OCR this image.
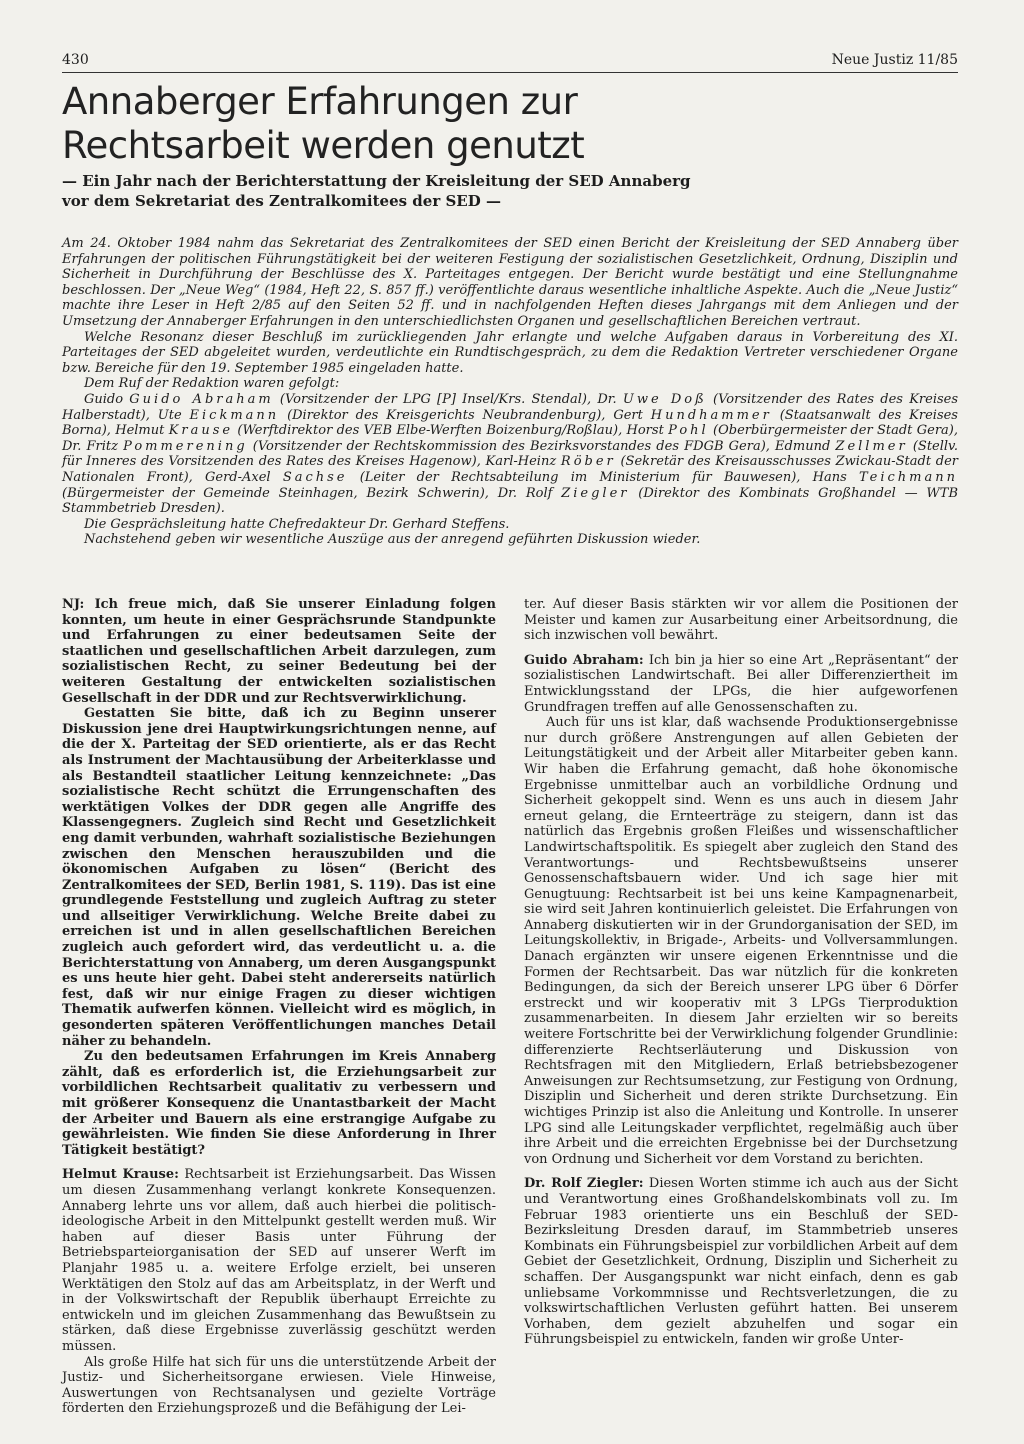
430	Neue Justiz 11/85
Annaberger Erfahrungen zur Rechtsarbeit werden genutzt
— Ein Jahr nach der Berichterstattung der Kreisleitung der SED Annaberg vor dem Sekretariat des Zentralkomitees der SED —

Am 24. Oktober 1984 nahm das Sekretariat des Zentralkomitees der SED einen Bericht der Kreisleitung der SED Annaberg über Erfahrungen der politischen Führungstätigkeit bei der weiteren Festigung der sozialistischen Gesetzlichkeit, Ordnung, Disziplin und Sicherheit in Durchführung der Beschlüsse des X. Parteitages entgegen. Der Bericht wurde bestätigt und eine Stellungnahme beschlossen. Der „Neue Weg“ (1984, Heft 22, S. 857 ff.) veröffentlichte daraus wesentliche inhaltliche Aspekte. Auch die „Neue Justiz“ machte ihre Leser in Heft 2/85 auf den Seiten 52 ff. und in nachfolgenden Heften dieses Jahrgangs mit dem Anliegen und der Umsetzung der Annaberger Erfahrungen in den unterschiedlichsten Organen und gesellschaftlichen Bereichen vertraut.

Welche Resonanz dieser Beschluß im zurückliegenden Jahr erlangte und welche Aufgaben daraus in Vorbereitung des XI. Parteitages der SED abgeleitet wurden, verdeutlichte ein Rundtischgespräch, zu dem die Redaktion Vertreter verschiedener Organe bzw. Bereiche für den 19. September 1985 eingeladen hatte.

Dem Ruf der Redaktion waren gefolgt:

Guido Guido Abraham (Vorsitzender der LPG [P] Insel/Krs. Stendal), Dr. Uwe Doß (Vorsitzender des Rates des Kreises Halberstadt), Ute Eickmann (Direktor des Kreisgerichts Neubrandenburg), Gert Hundhammer (Staatsanwalt des Kreises Borna), Helmut Krause (Werftdirektor des VEB Elbe-Werften Boizenburg/Roßlau), Horst Pohl (Oberbürgermeister der Stadt Gera), Dr. Fritz Pommerening (Vorsitzender der Rechtskommission des Bezirksvorstandes des FDGB Gera), Edmund Zellmer (Stellv. für Inneres des Vorsitzenden des Rates des Kreises Hagenow), Karl-Heinz Röber (Sekretär des Kreisausschusses Zwickau-Stadt der Nationalen Front), Gerd-Axel Sachse (Leiter der Rechtsabteilung im Ministerium für Bauwesen), Hans Teichmann (Bürgermeister der Gemeinde Steinhagen, Bezirk Schwerin), Dr. Rolf Ziegler (Direktor des Kombinats Großhandel — WTB Stammbetrieb Dresden).

Die Gesprächsleitung hatte Chefredakteur Dr. Gerhard Steffens.

Nachstehend geben wir wesentliche Auszüge aus der anregend geführten Diskussion wieder.

NJ: Ich freue mich, daß Sie unserer Einladung folgen konnten, um heute in einer Gesprächsrunde Standpunkte und Erfahrungen zu einer bedeutsamen Seite der staatlichen und gesellschaftlichen Arbeit darzulegen, zum sozialistischen Recht, zu seiner Bedeutung bei der weiteren Gestaltung der entwickelten sozialistischen Gesellschaft in der DDR und zur Rechtsverwirklichung.

Gestatten Sie bitte, daß ich zu Beginn unserer Diskussion jene drei Hauptwirkungsrichtungen nenne, auf die der X. Parteitag der SED orientierte, als er das Recht als Instrument der Machtausübung der Arbeiterklasse und als Bestandteil staatlicher Leitung kennzeichnete: „Das sozialistische Recht schützt die Errungenschaften des werktätigen Volkes der DDR gegen alle Angriffe des Klassengegners. Zugleich sind Recht und Gesetzlichkeit eng damit verbunden, wahrhaft sozialistische Beziehungen zwischen den Menschen herauszubilden und die ökonomischen Aufgaben zu lösen“ (Bericht des Zentralkomitees der SED, Berlin 1981, S. 119). Das ist eine grundlegende Feststellung und zugleich Auftrag zu steter und allseitiger Verwirklichung. Welche Breite dabei zu erreichen ist und in allen gesellschaftlichen Bereichen zugleich auch gefordert wird, das verdeutlicht u. a. die Berichterstattung von Annaberg, um deren Ausgangspunkt es uns heute hier geht. Dabei steht andererseits natürlich fest, daß wir nur einige Fragen zu dieser wichtigen Thematik aufwerfen können. Vielleicht wird es möglich, in gesonderten späteren Veröffentlichungen manches Detail näher zu behandeln.

Zu den bedeutsamen Erfahrungen im Kreis Annaberg zählt, daß es erforderlich ist, die Erziehungsarbeit zur vorbildlichen Rechtsarbeit qualitativ zu verbessern und mit größerer Konsequenz die Unantastbarkeit der Macht der Arbeiter und Bauern als eine erstrangige Aufgabe zu gewährleisten. Wie finden Sie diese Anforderung in Ihrer Tätigkeit bestätigt?

Helmut Krause: Rechtsarbeit ist Erziehungsarbeit. Das Wissen um diesen Zusammenhang verlangt konkrete Konsequenzen. Annaberg lehrte uns vor allem, daß auch hierbei die politisch-ideologische Arbeit in den Mittelpunkt gestellt werden muß. Wir haben auf dieser Basis unter Führung der Betriebsparteiorganisation der SED auf unserer Werft im Planjahr 1985 u. a. weitere Erfolge erzielt, bei unseren Werktätigen den Stolz auf das am Arbeitsplatz, in der Werft und in der Volkswirtschaft der Republik überhaupt Erreichte zu entwickeln und im gleichen Zusammenhang das Bewußtsein zu stärken, daß diese Ergebnisse zuverlässig geschützt werden müssen.

Als große Hilfe hat sich für uns die unterstützende Arbeit der Justiz- und Sicherheitsorgane erwiesen. Viele Hinweise, Auswertungen von Rechtsanalysen und gezielte Vorträge förderten den Erziehungsprozeß und die Befähigung der Lei-

ter. Auf dieser Basis stärkten wir vor allem die Positionen der Meister und kamen zur Ausarbeitung einer Arbeitsordnung, die sich inzwischen voll bewährt.

Guido Abraham: Ich bin ja hier so eine Art „Repräsentant“ der sozialistischen Landwirtschaft. Bei aller Differenziertheit im Entwicklungsstand der LPGs, die hier aufgeworfenen Grundfragen treffen auf alle Genossenschaften zu.

Auch für uns ist klar, daß wachsende Produktionsergebnisse nur durch größere Anstrengungen auf allen Gebieten der Leitungstätigkeit und der Arbeit aller Mitarbeiter geben kann. Wir haben die Erfahrung gemacht, daß hohe ökonomische Ergebnisse unmittelbar auch an vorbildliche Ordnung und Sicherheit gekoppelt sind. Wenn es uns auch in diesem Jahr erneut gelang, die Ernteerträge zu steigern, dann ist das natürlich das Ergebnis großen Fleißes und wissenschaftlicher Landwirtschaftspolitik. Es spiegelt aber zugleich den Stand des Verantwortungs- und Rechtsbewußtseins unserer Genossenschaftsbauern wider. Und ich sage hier mit Genugtuung: Rechtsarbeit ist bei uns keine Kampagnenarbeit, sie wird seit Jahren kontinuierlich geleistet. Die Erfahrungen von Annaberg diskutierten wir in der Grundorganisation der SED, im Leitungskollektiv, in Brigade-, Arbeits- und Vollversammlungen. Danach ergänzten wir unsere eigenen Erkenntnisse und die Formen der Rechtsarbeit. Das war nützlich für die konkreten Bedingungen, da sich der Bereich unserer LPG über 6 Dörfer erstreckt und wir kooperativ mit 3 LPGs Tierproduktion zusammenarbeiten. In diesem Jahr erzielten wir so bereits weitere Fortschritte bei der Verwirklichung folgender Grundlinie: differenzierte Rechtserläuterung und Diskussion von Rechtsfragen mit den Mitgliedern, Erlaß betriebsbezogener Anweisungen zur Rechtsumsetzung, zur Festigung von Ordnung, Disziplin und Sicherheit und deren strikte Durchsetzung. Ein wichtiges Prinzip ist also die Anleitung und Kontrolle. In unserer LPG sind alle Leitungskader verpflichtet, regelmäßig auch über ihre Arbeit und die erreichten Ergebnisse bei der Durchsetzung von Ordnung und Sicherheit vor dem Vorstand zu berichten.

Dr. Rolf Ziegler: Diesen Worten stimme ich auch aus der Sicht und Verantwortung eines Großhandelskombinats voll zu. Im Februar 1983 orientierte uns ein Beschluß der SED-Bezirksleitung Dresden darauf, im Stammbetrieb unseres Kombinats ein Führungsbeispiel zur vorbildlichen Arbeit auf dem Gebiet der Gesetzlichkeit, Ordnung, Disziplin und Sicherheit zu schaffen. Der Ausgangspunkt war nicht einfach, denn es gab unliebsame Vorkommnisse und Rechtsverletzungen, die zu volkswirtschaftlichen Verlusten geführt hatten. Bei unserem Vorhaben, dem gezielt abzuhelfen und sogar ein Führungsbeispiel zu entwickeln, fanden wir große Unter-
